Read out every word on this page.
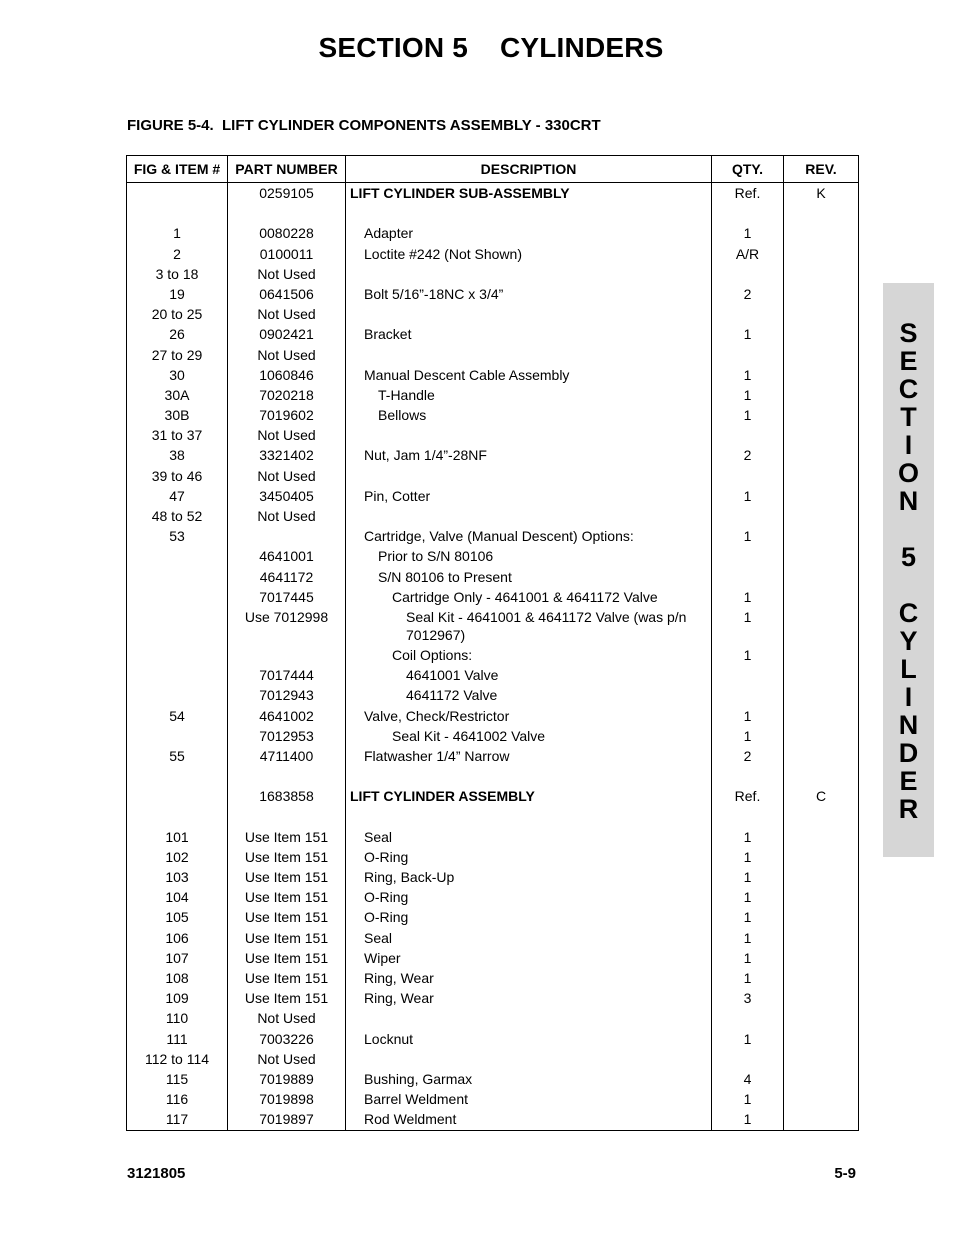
SECTION 5    CYLINDERS
FIGURE 5-4.  LIFT CYLINDER COMPONENTS ASSEMBLY - 330CRT
FIG & ITEM #	PART NUMBER	DESCRIPTION	QTY.	REV.
	0259105	LIFT CYLINDER SUB-ASSEMBLY	Ref.	K

1	0080228	Adapter	1	
2	0100011	Loctite #242 (Not Shown)	A/R	
3 to 18	Not Used			
19	0641506	Bolt 5/16”-18NC x 3/4”	2	
20 to 25	Not Used			
26	0902421	Bracket	1	
27 to 29	Not Used			
30	1060846	Manual Descent Cable Assembly	1	
30A	7020218	T-Handle	1	
30B	7019602	Bellows	1	
31 to 37	Not Used			
38	3321402	Nut, Jam 1/4”-28NF	2	
39 to 46	Not Used			
47	3450405	Pin, Cotter	1	
48 to 52	Not Used			
53		Cartridge, Valve (Manual Descent) Options:	1	
	4641001	Prior to S/N 80106		
	4641172	S/N 80106 to Present		
	7017445	Cartridge Only - 4641001 & 4641172 Valve	1	
	Use 7012998	Seal Kit - 4641001 & 4641172 Valve (was p/n 7012967)	1	
		Coil Options:	1	
	7017444	4641001 Valve		
	7012943	4641172 Valve		
54	4641002	Valve, Check/Restrictor	1	
	7012953	Seal Kit - 4641002 Valve	1	
55	4711400	Flatwasher 1/4” Narrow	2	

	1683858	LIFT CYLINDER ASSEMBLY	Ref.	C

101	Use Item 151	Seal	1	
102	Use Item 151	O-Ring	1	
103	Use Item 151	Ring, Back-Up	1	
104	Use Item 151	O-Ring	1	
105	Use Item 151	O-Ring	1	
106	Use Item 151	Seal	1	
107	Use Item 151	Wiper	1	
108	Use Item 151	Ring, Wear	1	
109	Use Item 151	Ring, Wear	3	
110	Not Used			
111	7003226	Locknut	1	
112 to 114	Not Used			
115	7019889	Bushing, Garmax	4	
116	7019898	Barrel Weldment	1	
117	7019897	Rod Weldment	1	
S
E
C
T
I
O
N

5

C
Y
L
I
N
D
E
R
3121805	5-9
